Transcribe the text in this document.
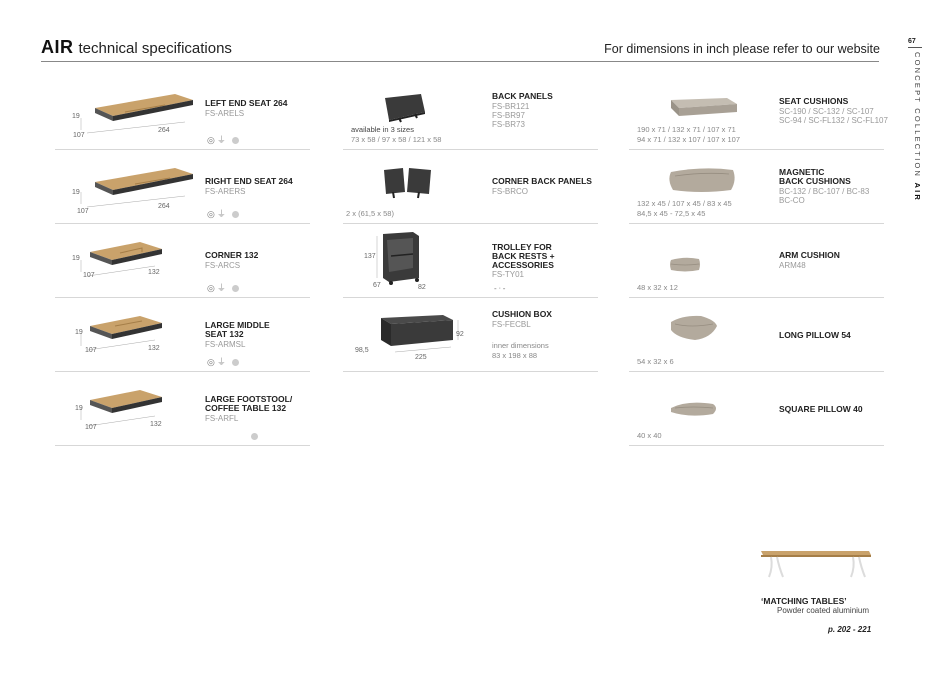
AIR technical specifications	For dimensions in inch please refer to our website
67
CONCEPT COLLECTION AIR
19
107
264
LEFT END SEAT 264
FS-ARELS
◎⏚
19
107
264
RIGHT END SEAT 264
FS-ARERS
◎⏚
19
107	132
CORNER 132
FS-ARCS
◎⏚
19
107	132
LARGE MIDDLE
SEAT 132
FS-ARMSL
◎⏚
19
107	132
LARGE FOOTSTOOL/
COFFEE TABLE 132
FS-ARFL
available in 3 sizes
73 x 58 / 97 x 58 / 121 x 58
BACK PANELS
FS-BR121
FS-BR97
FS-BR73
2 x (61,5 x 58)
CORNER BACK PANELS
FS-BRCO
137
67	82
TROLLEY FOR
BACK RESTS +
ACCESSORIES
FS-TY01
-ᐧ-
92
98,5
225
CUSHION BOX
FS-FECBL
inner dimensions
83 x 198 x 88
190 x 71 / 132 x 71 / 107 x 71
94 x 71 / 132 x 107 / 107 x 107
SEAT CUSHIONS
SC-190 / SC-132 / SC-107
SC-94 / SC-FL132 / SC-FL107
132 x 45 / 107 x 45 / 83 x 45
84,5 x 45 - 72,5 x 45
MAGNETIC
BACK CUSHIONS
BC-132 / BC-107 / BC-83
BC-CO
48 x 32 x 12
ARM CUSHION
ARM48
54 x 32 x 6
LONG PILLOW 54
40 x 40
SQUARE PILLOW 40
‘MATCHING TABLES’
Powder coated aluminium
p. 202 - 221
